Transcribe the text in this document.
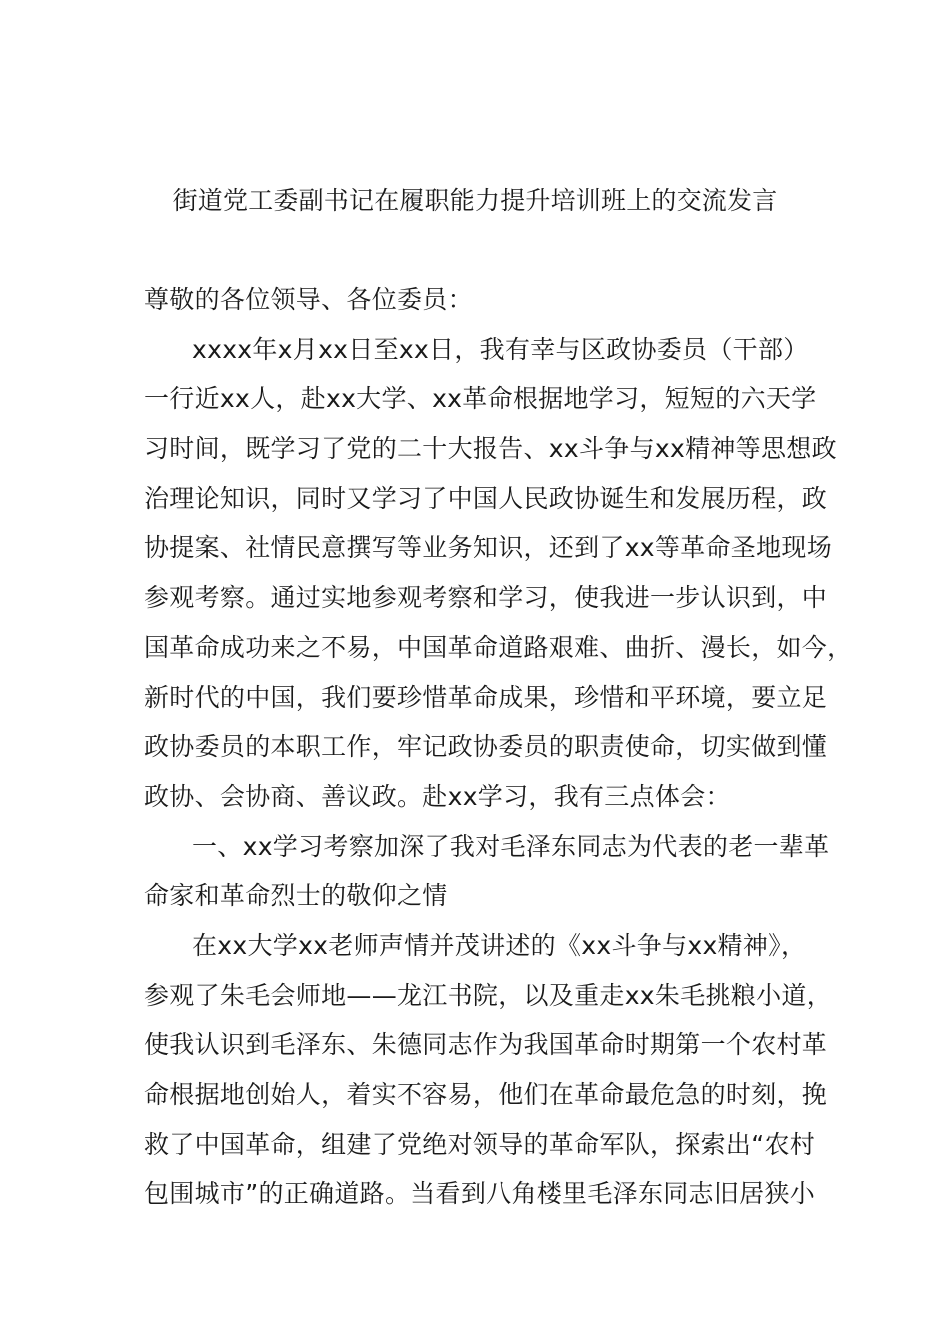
街道党工委副书记在履职能力提升培训班上的交流发言
尊敬的各位领导、各位委员：
xxxx年x月xx日至xx日，我有幸与区政协委员（干部）
一行近xx人，赴xx大学、xx革命根据地学习，短短的六天学
习时间，既学习了党的二十大报告、xx斗争与xx精神等思想政
治理论知识，同时又学习了中国人民政协诞生和发展历程，政
协提案、社情民意撰写等业务知识，还到了xx等革命圣地现场
参观考察。通过实地参观考察和学习，使我进一步认识到，中
国革命成功来之不易，中国革命道路艰难、曲折、漫长，如今，
新时代的中国，我们要珍惜革命成果，珍惜和平环境，要立足
政协委员的本职工作，牢记政协委员的职责使命，切实做到懂
政协、会协商、善议政。赴xx学习，我有三点体会：
一、xx学习考察加深了我对毛泽东同志为代表的老一辈革
命家和革命烈士的敬仰之情
在xx大学xx老师声情并茂讲述的《xx斗争与xx精神》，
参观了朱毛会师地——龙江书院，以及重走xx朱毛挑粮小道，
使我认识到毛泽东、朱德同志作为我国革命时期第一个农村革
命根据地创始人，着实不容易，他们在革命最危急的时刻，挽
救了中国革命，组建了党绝对领导的革命军队，探索出“农村
包围城市”的正确道路。当看到八角楼里毛泽东同志旧居狭小
